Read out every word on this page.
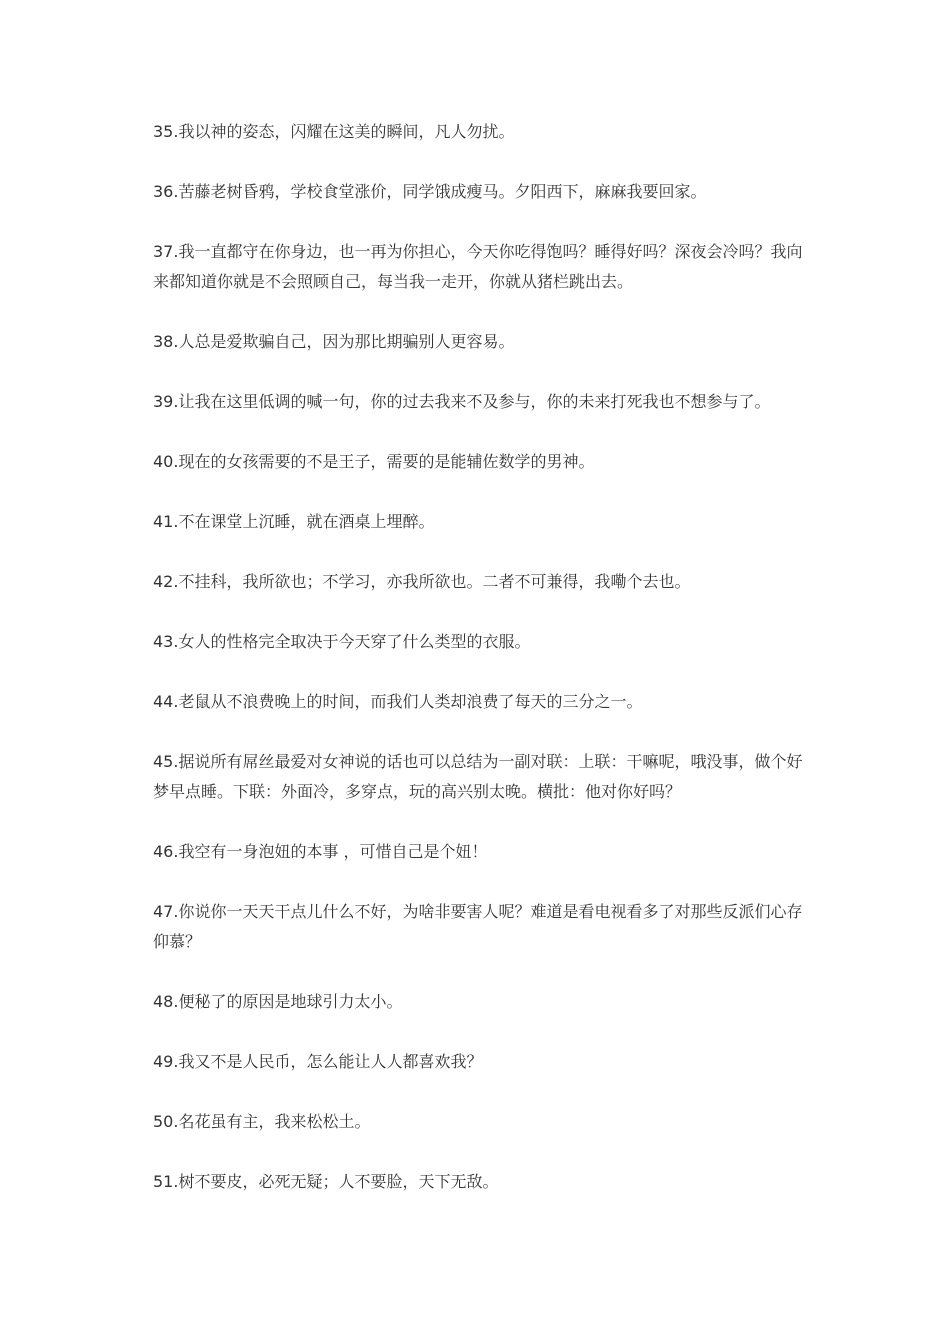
35.我以神的姿态，闪耀在这美的瞬间，凡人勿扰。

36.苦藤老树昏鸦，学校食堂涨价，同学饿成瘦马。夕阳西下，麻麻我要回家。

37.我一直都守在你身边，也一再为你担心，今天你吃得饱吗？睡得好吗？深夜会冷吗？我向来都知道你就是不会照顾自己，每当我一走开，你就从猪栏跳出去。

38.人总是爱欺骗自己，因为那比期骗别人更容易。

39.让我在这里低调的喊一句，你的过去我来不及参与，你的未来打死我也不想参与了。

40.现在的女孩需要的不是王子，需要的是能辅佐数学的男神。

41.不在课堂上沉睡，就在酒桌上埋醉。

42.不挂科，我所欲也；不学习，亦我所欲也。二者不可兼得，我嘞个去也。

43.女人的性格完全取决于今天穿了什么类型的衣服。

44.老鼠从不浪费晚上的时间，而我们人类却浪费了每天的三分之一。

45.据说所有屌丝最爱对女神说的话也可以总结为一副对联：上联：干嘛呢，哦没事，做个好梦早点睡。下联：外面冷，多穿点，玩的高兴别太晚。横批：他对你好吗？

46.我空有一身泡妞的本事 ，可惜自己是个妞！

47.你说你一天天干点儿什么不好，为啥非要害人呢？难道是看电视看多了对那些反派们心存仰慕？

48.便秘了的原因是地球引力太小。

49.我又不是人民币，怎么能让人人都喜欢我？

50.名花虽有主，我来松松土。

51.树不要皮，必死无疑；人不要脸，天下无敌。
